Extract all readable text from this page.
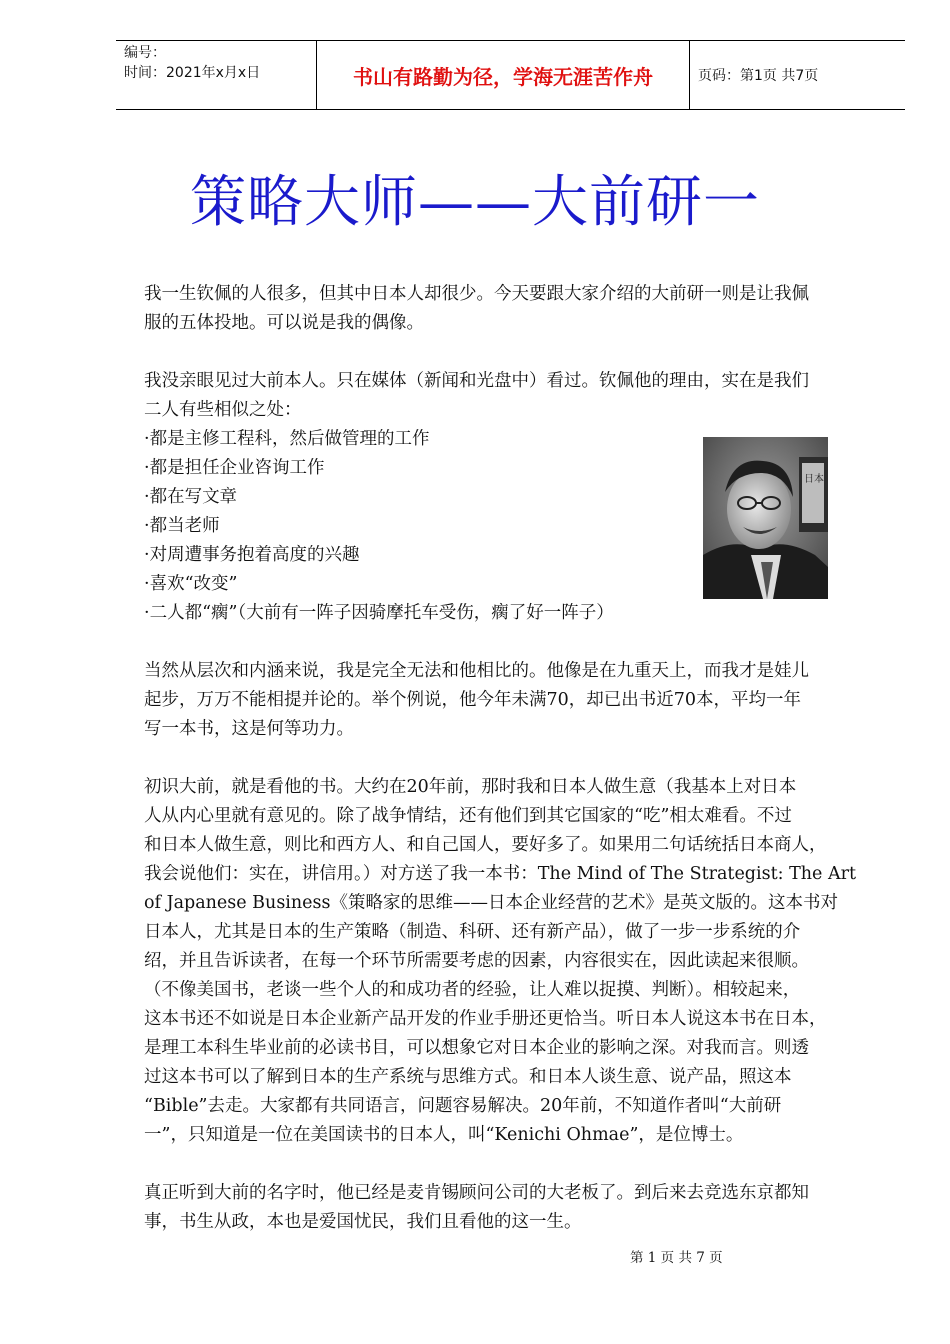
编号：
时间：2021年x月x日	书山有路勤为径，学海无涯苦作舟	页码：第1页 共7页
策略大师——大前研一

我一生钦佩的人很多，但其中日本人却很少。今天要跟大家介绍的大前研一则是让我佩

服的五体投地。可以说是我的偶像。

我没亲眼见过大前本人。只在媒体（新闻和光盘中）看过。钦佩他的理由，实在是我们

二人有些相似之处：

·都是主修工程科，然后做管理的工作

·都是担任企业咨询工作

·都在写文章

·都当老师

·对周遭事务抱着高度的兴趣

·喜欢“改变”

·二人都“瘸”（大前有一阵子因骑摩托车受伤，瘸了好一阵子）

当然从层次和内涵来说，我是完全无法和他相比的。他像是在九重天上，而我才是娃儿

起步，万万不能相提并论的。举个例说，他今年未满70，却已出书近70本，平均一年

写一本书，这是何等功力。

初识大前，就是看他的书。大约在20年前，那时我和日本人做生意（我基本上对日本

人从内心里就有意见的。除了战争情结，还有他们到其它国家的“吃”相太难看。不过

和日本人做生意，则比和西方人、和自己国人，要好多了。如果用二句话统括日本商人，

我会说他们：实在，讲信用。）对方送了我一本书：The Mind of The Strategist: The Art

of Japanese Business《策略家的思维——日本企业经营的艺术》是英文版的。这本书对

日本人，尤其是日本的生产策略（制造、科研、还有新产品），做了一步一步系统的介

绍，并且告诉读者，在每一个环节所需要考虑的因素，内容很实在，因此读起来很顺。

（不像美国书，老谈一些个人的和成功者的经验，让人难以捉摸、判断）。相较起来，

这本书还不如说是日本企业新产品开发的作业手册还更恰当。听日本人说这本书在日本，

是理工本科生毕业前的必读书目，可以想象它对日本企业的影响之深。对我而言。则透

过这本书可以了解到日本的生产系统与思维方式。和日本人谈生意、说产品，照这本

“Bible”去走。大家都有共同语言，问题容易解决。20年前，不知道作者叫“大前研

一”，只知道是一位在美国读书的日本人，叫“Kenichi Ohmae”，是位博士。

真正听到大前的名字时，他已经是麦肯锡顾问公司的大老板了。到后来去竞选东京都知

事，书生从政，本也是爱国忧民，我们且看他的这一生。

日本
第 1 页 共 7 页
